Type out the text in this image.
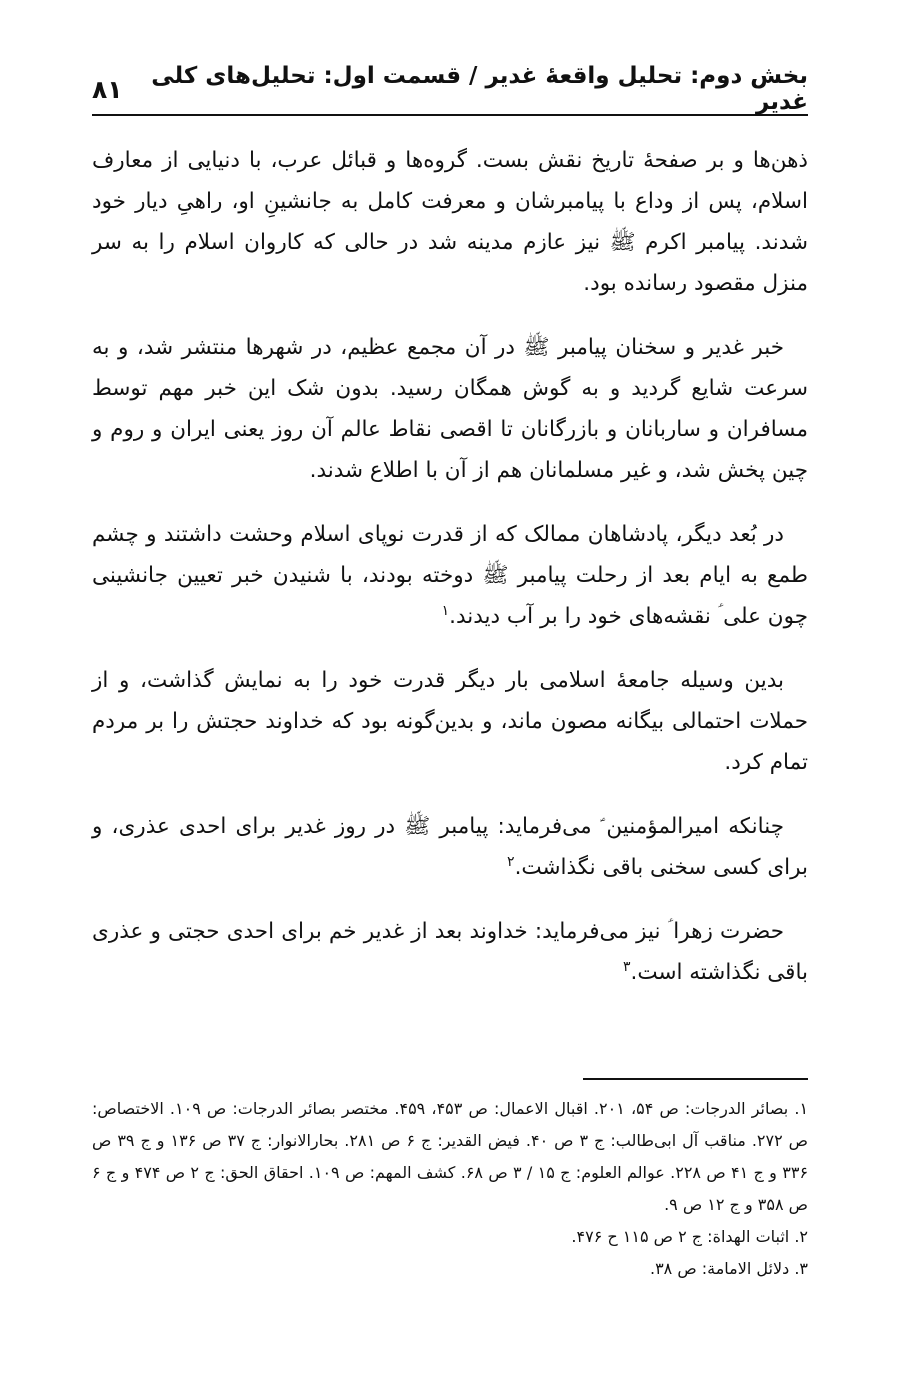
بخش دوم: تحلیل واقعهٔ غدیر / قسمت اول: تحلیل‌های کلی غدیر
۸۱

ذهن‌ها و بر صفحهٔ تاریخ نقش بست. گروه‌ها و قبائل عرب، با دنیایی از معارف اسلام، پس از وداع با پیامبرشان و معرفت کامل به جانشینِ او، راهیِ دیار خود شدند. پیامبر اکرم ﷺ نیز عازم مدینه شد در حالی که کاروان اسلام را به سر منزل مقصود رسانده بود.

خبر غدیر و سخنان پیامبر ﷺ در آن مجمع عظیم، در شهرها منتشر شد، و به سرعت شایع گردید و به گوش همگان رسید. بدون شک این خبر مهم توسط مسافران و ساربانان و بازرگانان تا اقصی نقاط عالم آن روز یعنی ایران و روم و چین پخش شد، و غیر مسلمانان هم از آن با اطلاع شدند.

در بُعد دیگر، پادشاهان ممالک که از قدرت نوپای اسلام وحشت داشتند و چشم طمع به ایام بعد از رحلت پیامبر ﷺ دوخته بودند، با شنیدن خبر تعیین جانشینی چون علی ؑ نقشه‌های خود را بر آب دیدند.$^۱$

بدین وسیله جامعهٔ اسلامی بار دیگر قدرت خود را به نمایش گذاشت، و از حملات احتمالی بیگانه مصون ماند، و بدین‌گونه بود که خداوند حجتش را بر مردم تمام کرد.

چنانکه امیرالمؤمنین ؑ می‌فرماید: پیامبر ﷺ در روز غدیر برای احدی عذری، و برای کسی سخنی باقی نگذاشت.$^۲$

حضرت زهرا ؑ نیز می‌فرماید: خداوند بعد از غدیر خم برای احدی حجتی و عذری باقی نگذاشته است.$^۳$

۱. بصائر الدرجات: ص ۵۴، ۲۰۱. اقبال الاعمال: ص ۴۵۳، ۴۵۹. مختصر بصائر الدرجات: ص ۱۰۹. الاختصاص: ص ۲۷۲. مناقب آل ابی‌طالب: ج ۳ ص ۴۰. فیض القدیر: ج ۶ ص ۲۸۱. بحارالانوار: ج ۳۷ ص ۱۳۶ و ج ۳۹ ص ۳۳۶ و ج ۴۱ ص ۲۲۸. عوالم العلوم: ج ۱۵ / ۳ ص ۶۸. کشف المهم: ص ۱۰۹. احقاق الحق: ج ۲ ص ۴۷۴ و ج ۶ ص ۳۵۸ و ج ۱۲ ص ۹.

۲. اثبات الهداة: ج ۲ ص ۱۱۵ ح ۴۷۶.

۳. دلائل الامامة: ص ۳۸.
